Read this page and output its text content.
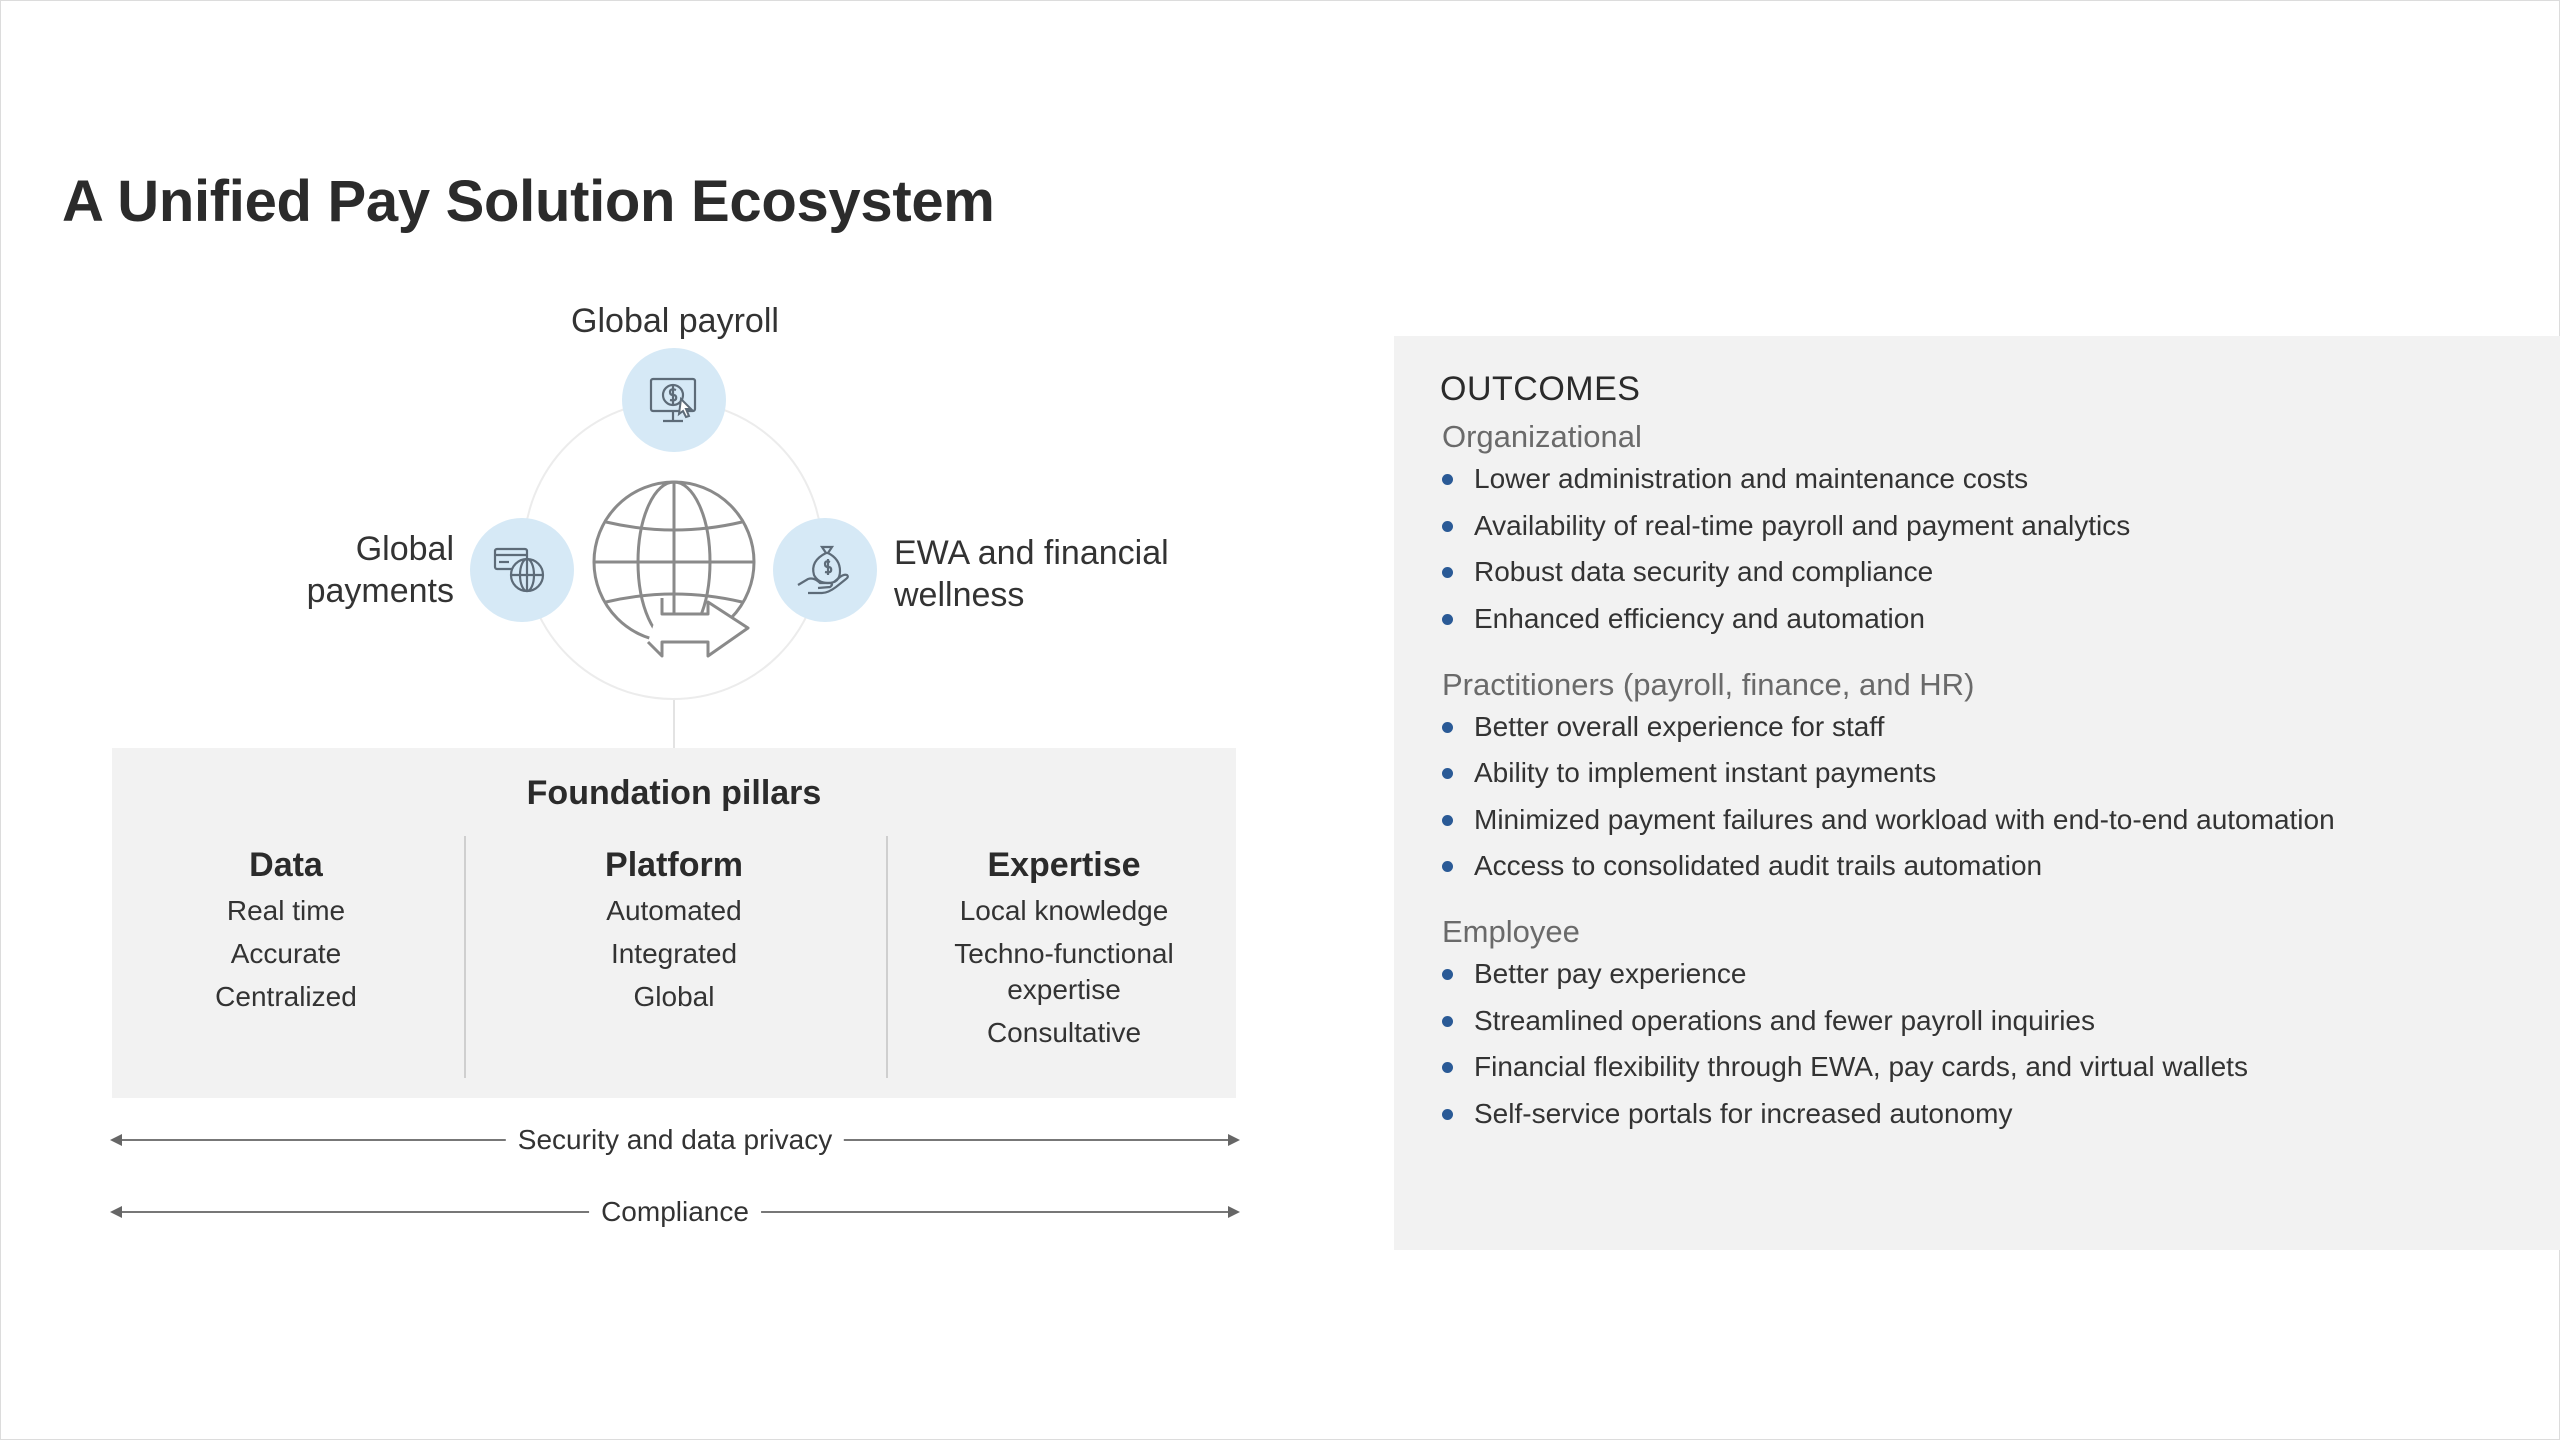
A Unified Pay Solution Ecosystem
Global payroll
Global
payments
EWA and financial
wellness
Foundation pillars
Data
Real time
Accurate
Centralized
Platform
Automated
Integrated
Global
Expertise
Local knowledge
Techno-functional expertise
Consultative
Security and data privacy
Compliance
OUTCOMES
Organizational
Lower administration and maintenance costs
Availability of real-time payroll and payment analytics
Robust data security and compliance
Enhanced efficiency and automation
Practitioners (payroll, finance, and HR)
Better overall experience for staff
Ability to implement instant payments
Minimized payment failures and workload with end-to-end automation
Access to consolidated audit trails automation
Employee
Better pay experience
Streamlined operations and fewer payroll inquiries
Financial flexibility through EWA, pay cards, and virtual wallets
Self-service portals for increased autonomy
